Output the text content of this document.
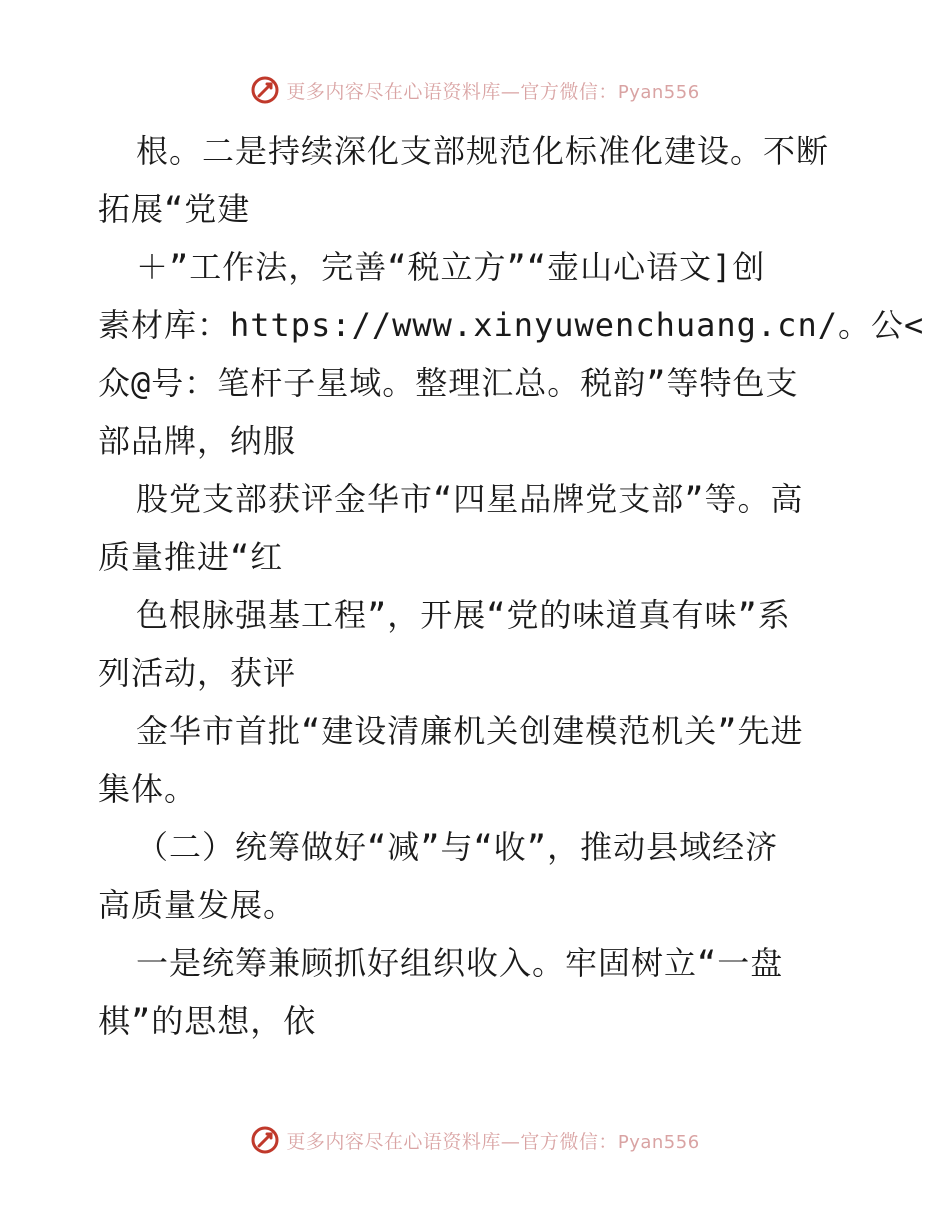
更多内容尽在心语资料库—官方微信：Pyan556
根。二是持续深化支部规范化标准化建设。不断
拓展“党建
＋”工作法，完善“税立方”“壶山心语文]创
素材库：https://www.xinyuwenchuang.cn/。公<
众@号：笔杆子星域。整理汇总。税韵”等特色支
部品牌，纳服
股党支部获评金华市“四星品牌党支部”等。高
质量推进“红
色根脉强基工程”，开展“党的味道真有味”系
列活动，获评
金华市首批“建设清廉机关创建模范机关”先进
集体。
（二）统筹做好“减”与“收”，推动县域经济
高质量发展。
一是统筹兼顾抓好组织收入。牢固树立“一盘
棋”的思想，依
更多内容尽在心语资料库—官方微信：Pyan556
